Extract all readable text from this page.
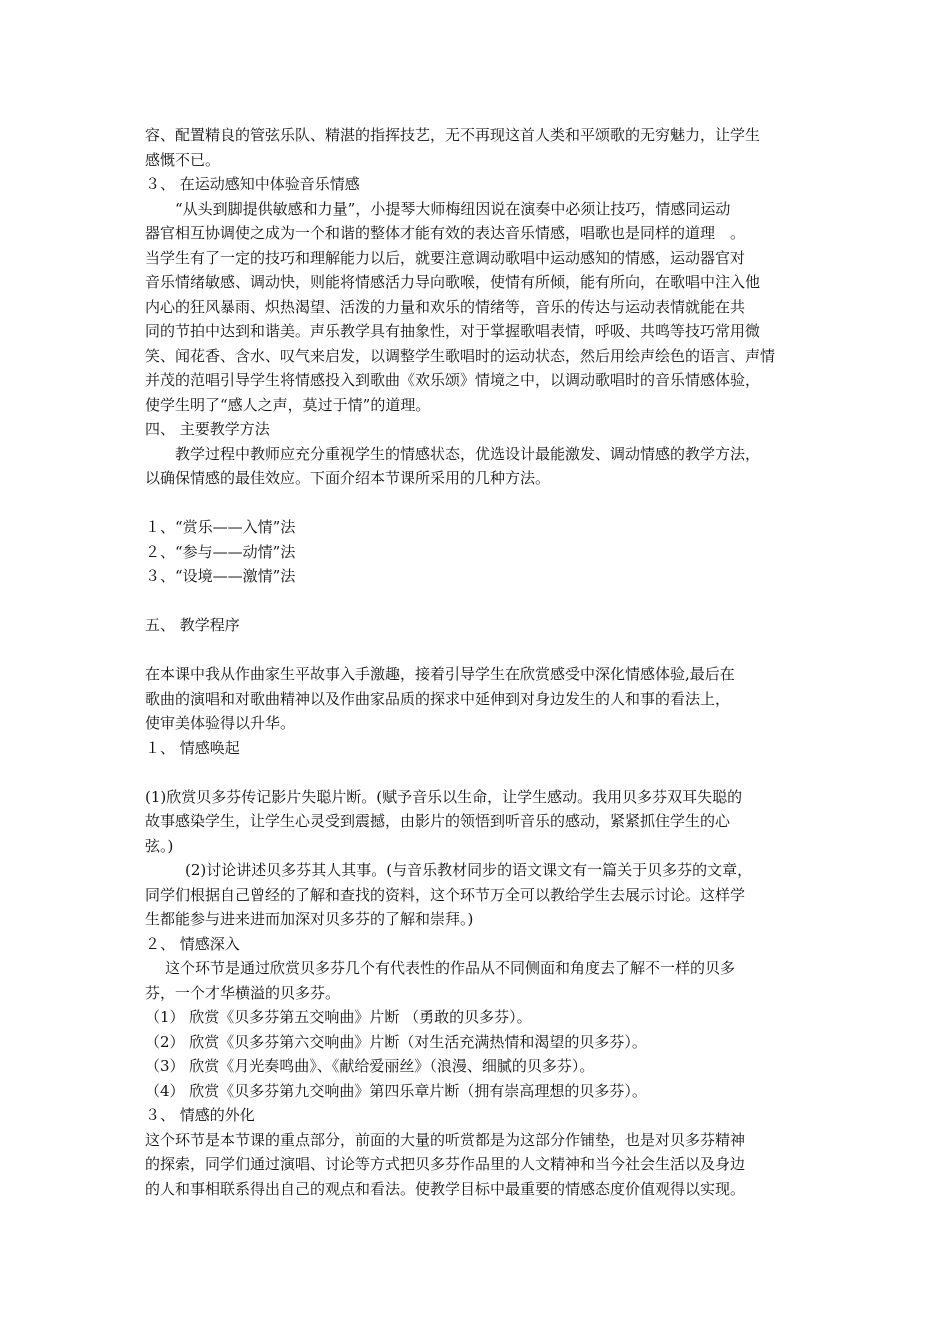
容、配置精良的管弦乐队、精湛的指挥技艺，无不再现这首人类和平颂歌的无穷魅力，让学生
感慨不已。
３、 在运动感知中体验音乐情感
“从头到脚提供敏感和力量”，小提琴大师梅纽因说在演奏中必须让技巧，情感同运动
器官相互协调使之成为一个和谐的整体才能有效的表达音乐情感，唱歌也是同样的道理　。
当学生有了一定的技巧和理解能力以后，就要注意调动歌唱中运动感知的情感，运动器官对
音乐情绪敏感、调动快，则能将情感活力导向歌喉，使情有所倾，能有所向，在歌唱中注入他
内心的狂风暴雨、炽热渴望、活泼的力量和欢乐的情绪等，音乐的传达与运动表情就能在共
同的节拍中达到和谐美。声乐教学具有抽象性，对于掌握歌唱表情，呼吸、共鸣等技巧常用微
笑、闻花香、含水、叹气来启发，以调整学生歌唱时的运动状态，然后用绘声绘色的语言、声情
并茂的范唱引导学生将情感投入到歌曲《欢乐颂》情境之中，以调动歌唱时的音乐情感体验，
使学生明了“感人之声，莫过于情”的道理。
四、 主要教学方法
教学过程中教师应充分重视学生的情感状态，优选设计最能激发、调动情感的教学方法，
以确保情感的最佳效应。下面介绍本节课所采用的几种方法。
１、“赏乐——入情”法
２、“参与——动情”法
３、“设境——激情”法
五、 教学程序
在本课中我从作曲家生平故事入手激趣，接着引导学生在欣赏感受中深化情感体验,最后在
歌曲的演唱和对歌曲精神以及作曲家品质的探求中延伸到对身边发生的人和事的看法上，
使审美体验得以升华。
１、 情感唤起
(1)欣赏贝多芬传记影片失聪片断。(赋予音乐以生命，让学生感动。我用贝多芬双耳失聪的
故事感染学生，让学生心灵受到震撼，由影片的领悟到听音乐的感动，紧紧抓住学生的心
弦。)
(2)讨论讲述贝多芬其人其事。(与音乐教材同步的语文课文有一篇关于贝多芬的文章，
同学们根据自己曾经的了解和查找的资料，这个环节万全可以教给学生去展示讨论。这样学
生都能参与进来进而加深对贝多芬的了解和崇拜。)
２、 情感深入
这个环节是通过欣赏贝多芬几个有代表性的作品从不同侧面和角度去了解不一样的贝多
芬，一个才华横溢的贝多芬。
（1） 欣赏《贝多芬第五交响曲》片断 （勇敢的贝多芬）。
（2） 欣赏《贝多芬第六交响曲》片断（对生活充满热情和渴望的贝多芬）。
（3） 欣赏《月光奏鸣曲》、《献给爱丽丝》（浪漫、细腻的贝多芬）。
（4） 欣赏《贝多芬第九交响曲》第四乐章片断（拥有崇高理想的贝多芬）。
３、 情感的外化
这个环节是本节课的重点部分，前面的大量的听赏都是为这部分作铺垫，也是对贝多芬精神
的探索，同学们通过演唱、讨论等方式把贝多芬作品里的人文精神和当今社会生活以及身边
的人和事相联系得出自己的观点和看法。使教学目标中最重要的情感态度价值观得以实现。
